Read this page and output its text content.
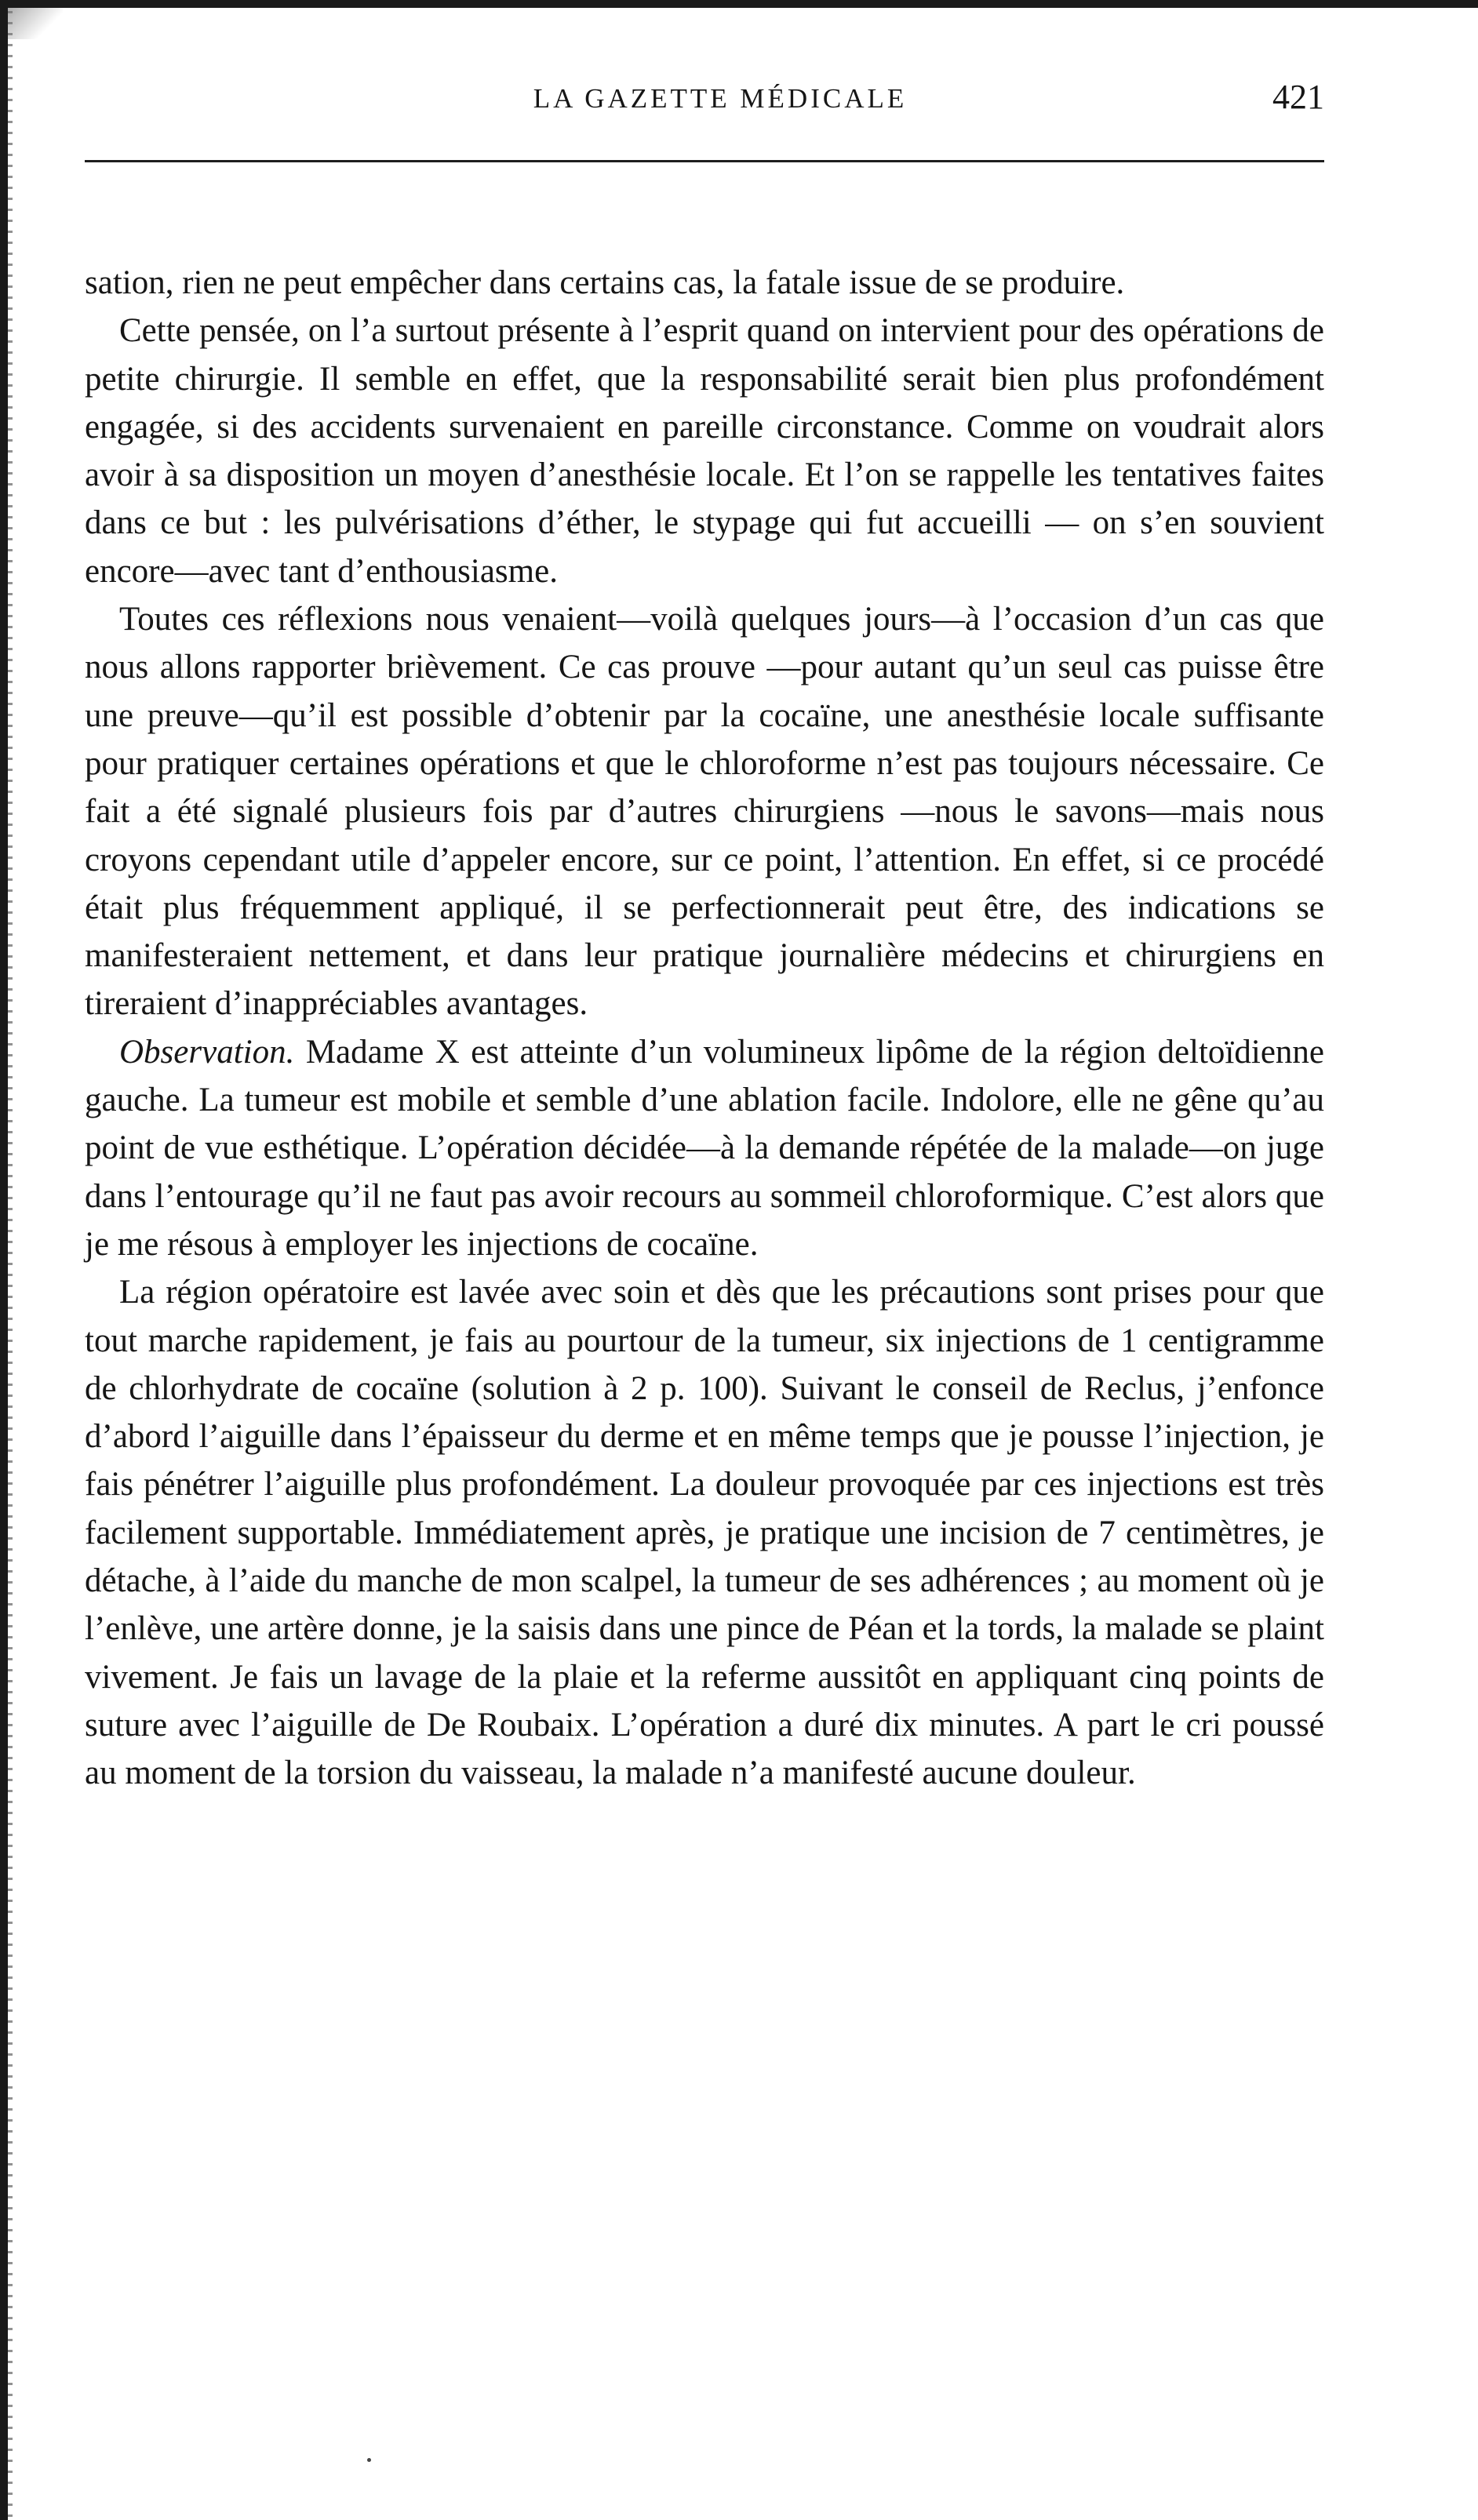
LA GAZETTE MÉDICALE	421

sation, rien ne peut empêcher dans certains cas, la fatale issue de se produire.

Cette pensée, on l’a surtout présente à l’esprit quand on intervient pour des opérations de petite chirurgie. Il semble en effet, que la responsabilité serait bien plus profondément engagée, si des accidents survenaient en pareille circonstance. Comme on voudrait alors avoir à sa disposition un moyen d’anesthésie locale. Et l’on se rappelle les tentatives faites dans ce but : les pulvérisations d’éther, le stypage qui fut accueilli — on s’en souvient encore—avec tant d’enthousiasme.

Toutes ces réflexions nous venaient—voilà quelques jours—à l’occasion d’un cas que nous allons rapporter brièvement. Ce cas prouve —pour autant qu’un seul cas puisse être une preuve—qu’il est possible d’obtenir par la cocaïne, une anesthésie locale suffisante pour pratiquer certaines opérations et que le chloroforme n’est pas toujours nécessaire. Ce fait a été signalé plusieurs fois par d’autres chirurgiens —nous le savons—mais nous croyons cependant utile d’appeler encore, sur ce point, l’attention. En effet, si ce procédé était plus fréquemment appliqué, il se perfectionnerait peut être, des indications se manifesteraient nettement, et dans leur pratique journalière médecins et chirurgiens en tireraient d’inappréciables avantages.

Observation. Madame X est atteinte d’un volumineux lipôme de la région deltoïdienne gauche. La tumeur est mobile et semble d’une ablation facile. Indolore, elle ne gêne qu’au point de vue esthétique. L’opération décidée—à la demande répétée de la malade—on juge dans l’entourage qu’il ne faut pas avoir recours au sommeil chloroformique. C’est alors que je me résous à employer les injections de cocaïne.

La région opératoire est lavée avec soin et dès que les précautions sont prises pour que tout marche rapidement, je fais au pourtour de la tumeur, six injections de 1 centigramme de chlorhydrate de cocaïne (solution à 2 p. 100). Suivant le conseil de Reclus, j’enfonce d’abord l’aiguille dans l’épaisseur du derme et en même temps que je pousse l’injection, je fais pénétrer l’aiguille plus profondément. La douleur provoquée par ces injections est très facilement supportable. Immédiatement après, je pratique une incision de 7 centimètres, je détache, à l’aide du manche de mon scalpel, la tumeur de ses adhérences ; au moment où je l’enlève, une artère donne, je la saisis dans une pince de Péan et la tords, la malade se plaint vivement. Je fais un lavage de la plaie et la referme aussitôt en appliquant cinq points de suture avec l’aiguille de De Roubaix. L’opération a duré dix minutes. A part le cri poussé au moment de la torsion du vaisseau, la malade n’a manifesté aucune douleur.
